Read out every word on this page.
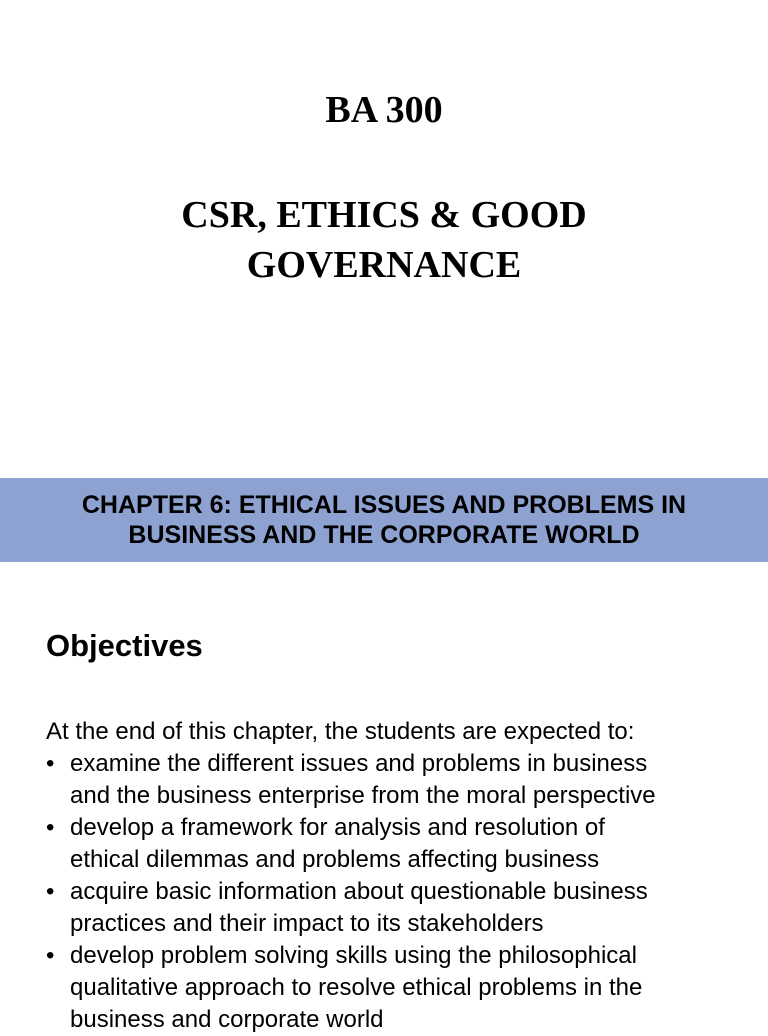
BA 300
CSR, ETHICS & GOOD
GOVERNANCE
CHAPTER 6: ETHICAL ISSUES AND PROBLEMS IN
BUSINESS AND THE CORPORATE WORLD
Objectives

At the end of this chapter, the students are expected to:

• examine the different issues and problems in business
and the business enterprise from the moral perspective
• develop a framework for analysis and resolution of
ethical dilemmas and problems affecting business
• acquire basic information about questionable business
practices and their impact to its stakeholders
• develop problem solving skills using the philosophical
qualitative approach to resolve ethical problems in the
business and corporate world
